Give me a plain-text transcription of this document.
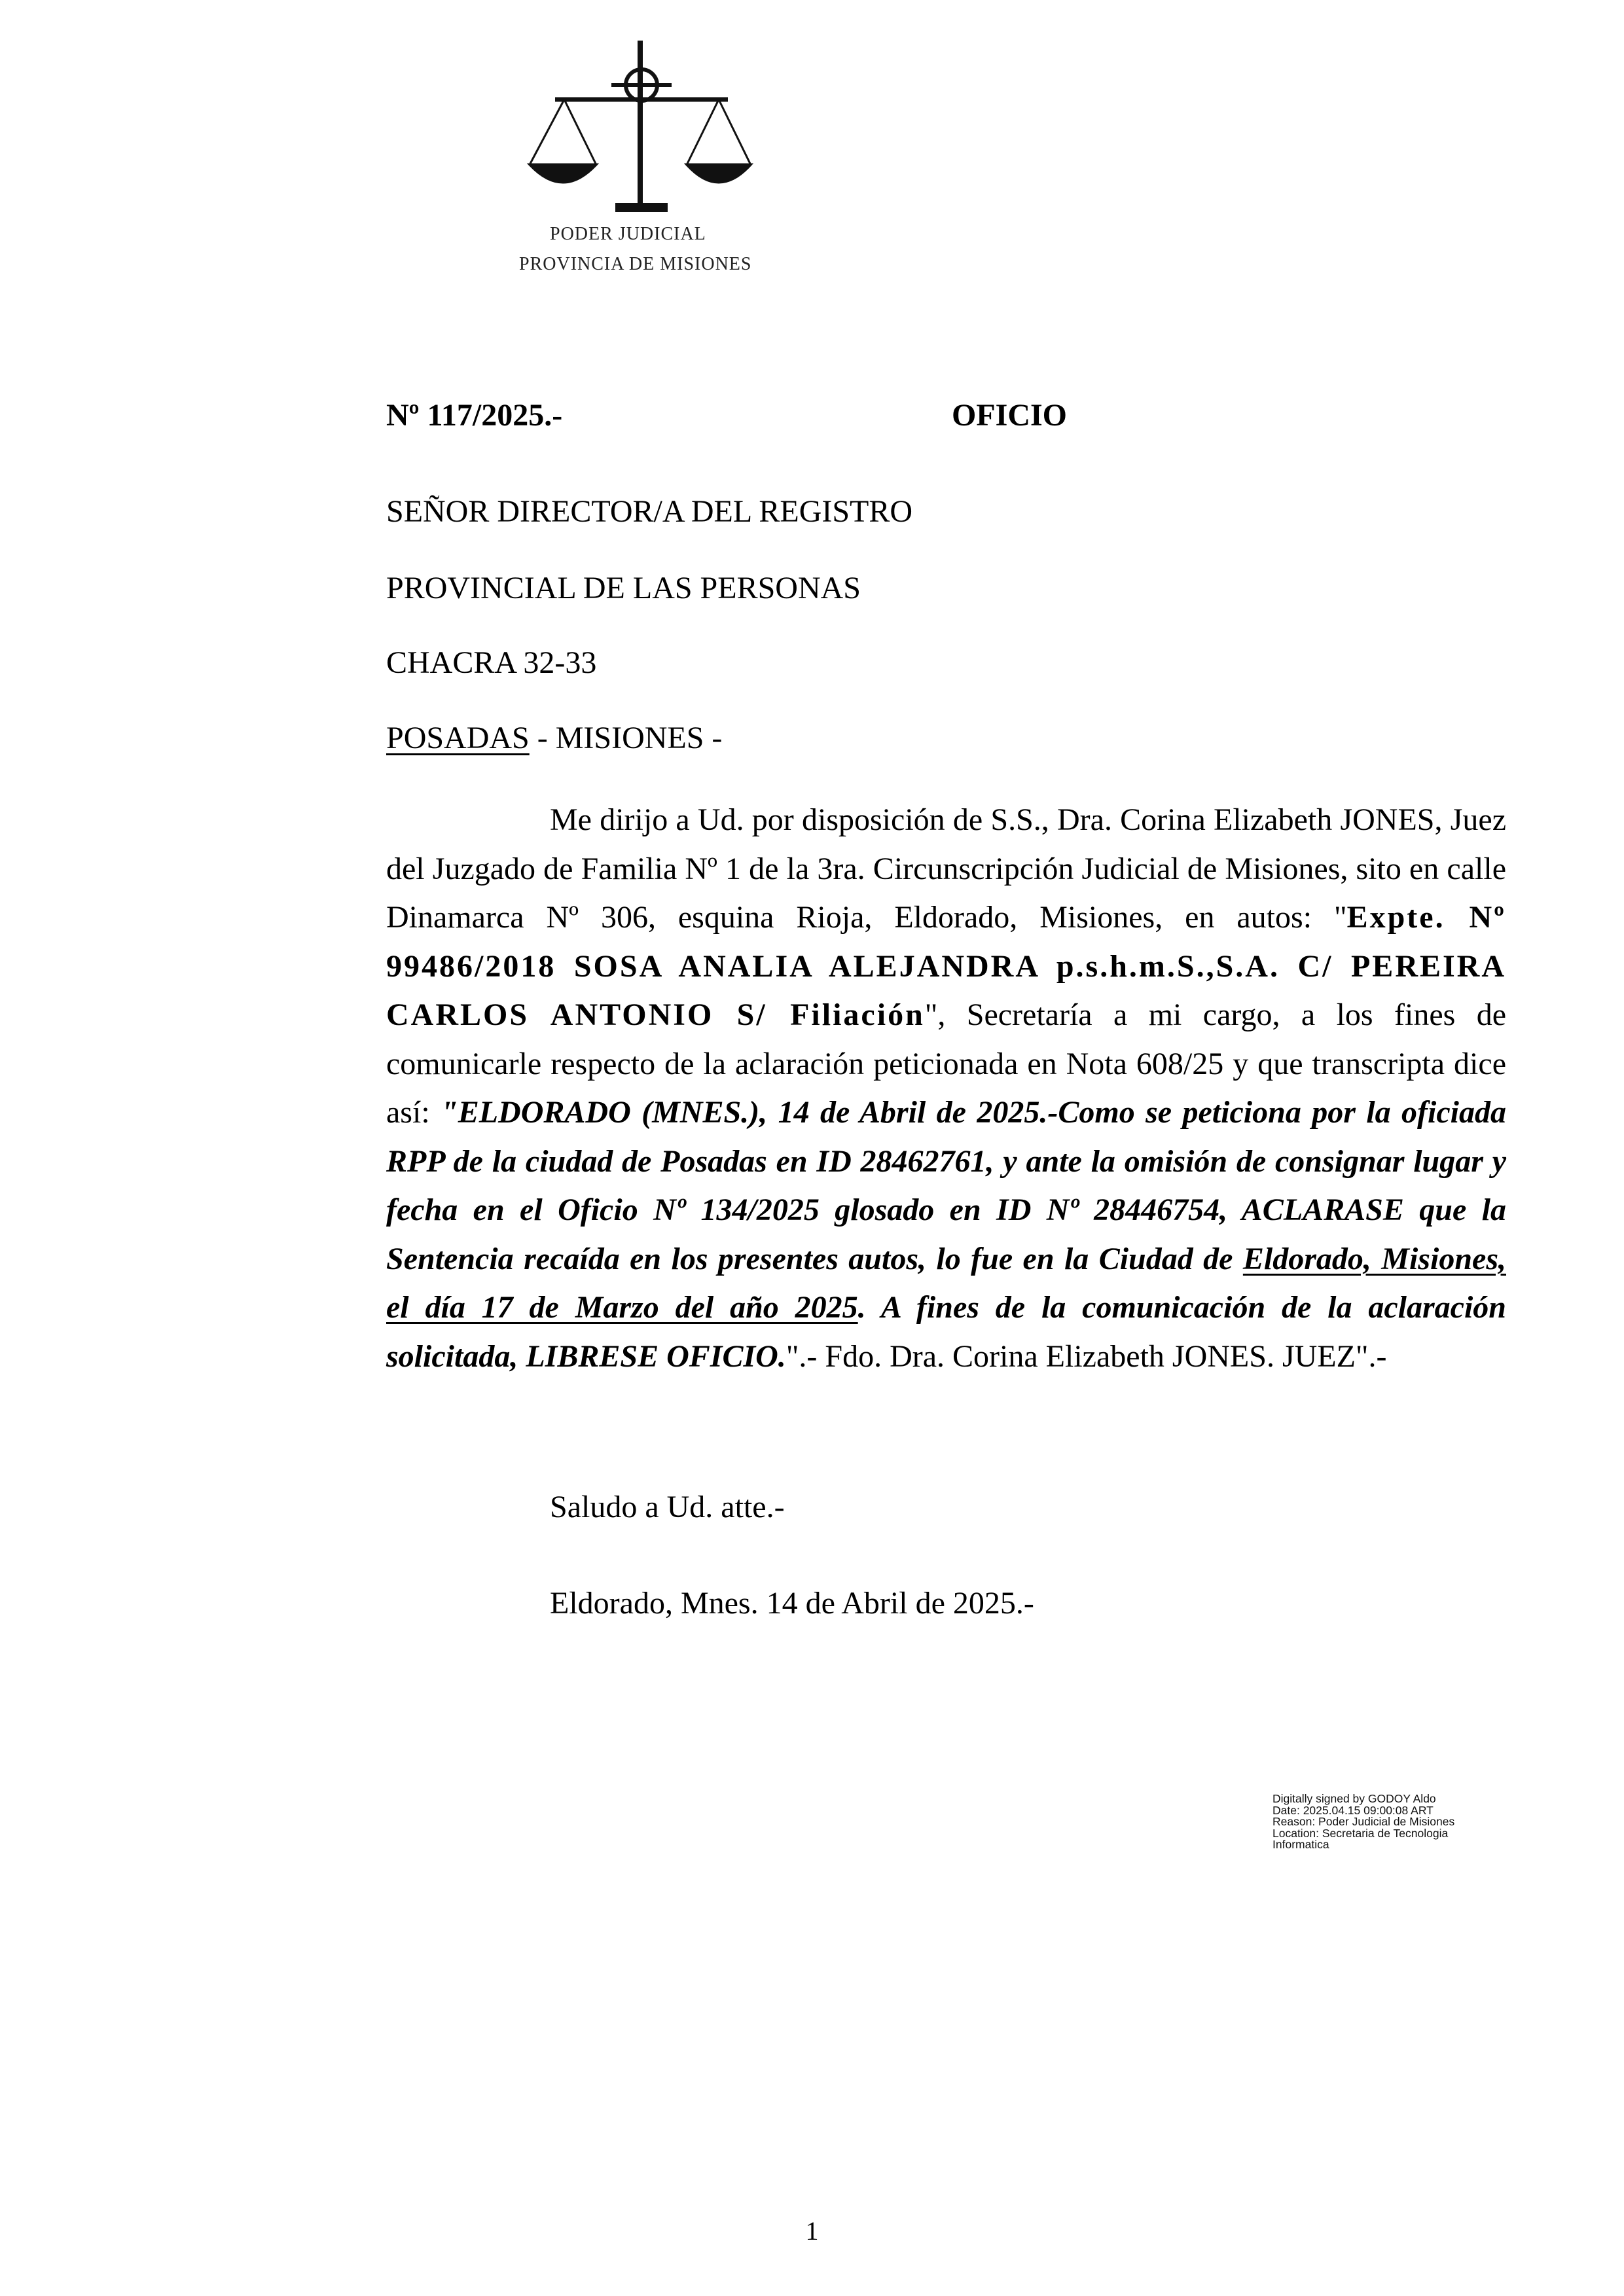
PODER JUDICIAL
PROVINCIA DE MISIONES
Nº 117/2025.-	OFICIO
SEÑOR DIRECTOR/A DEL REGISTRO
PROVINCIAL DE LAS PERSONAS
CHACRA 32-33
POSADAS - MISIONES -

Me dirijo a Ud. por disposición de S.S., Dra. Corina Elizabeth JONES, Juez del Juzgado de Familia Nº 1 de la 3ra. Circunscripción Judicial de Misiones, sito en calle Dinamarca Nº 306, esquina Rioja, Eldorado, Misiones, en autos: "Expte. Nº 99486/2018 SOSA ANALIA ALEJANDRA p.s.h.m.S.,S.A. C/ PEREIRA CARLOS ANTONIO S/ Filiación", Secretaría a mi cargo, a los fines de comunicarle respecto de la aclaración peticionada en Nota 608/25 y que transcripta dice así: "ELDORADO (MNES.), 14 de Abril de 2025.-Como se peticiona por la oficiada RPP de la ciudad de Posadas en ID 28462761, y ante la omisión de consignar lugar y fecha en el Oficio Nº 134/2025 glosado en ID Nº 28446754, ACLARASE que la Sentencia recaída en los presentes autos, lo fue en la Ciudad de Eldorado, Misiones, el día 17 de Marzo del año 2025. A fines de la comunicación de la aclaración solicitada, LIBRESE OFICIO.".- Fdo. Dra. Corina Elizabeth JONES. JUEZ".-

Saludo a Ud. atte.-
Eldorado, Mnes. 14 de Abril de 2025.-
Digitally signed by GODOY Aldo
Date: 2025.04.15 09:00:08 ART
Reason: Poder Judicial de Misiones
Location: Secretaria de Tecnologia
Informatica
1
